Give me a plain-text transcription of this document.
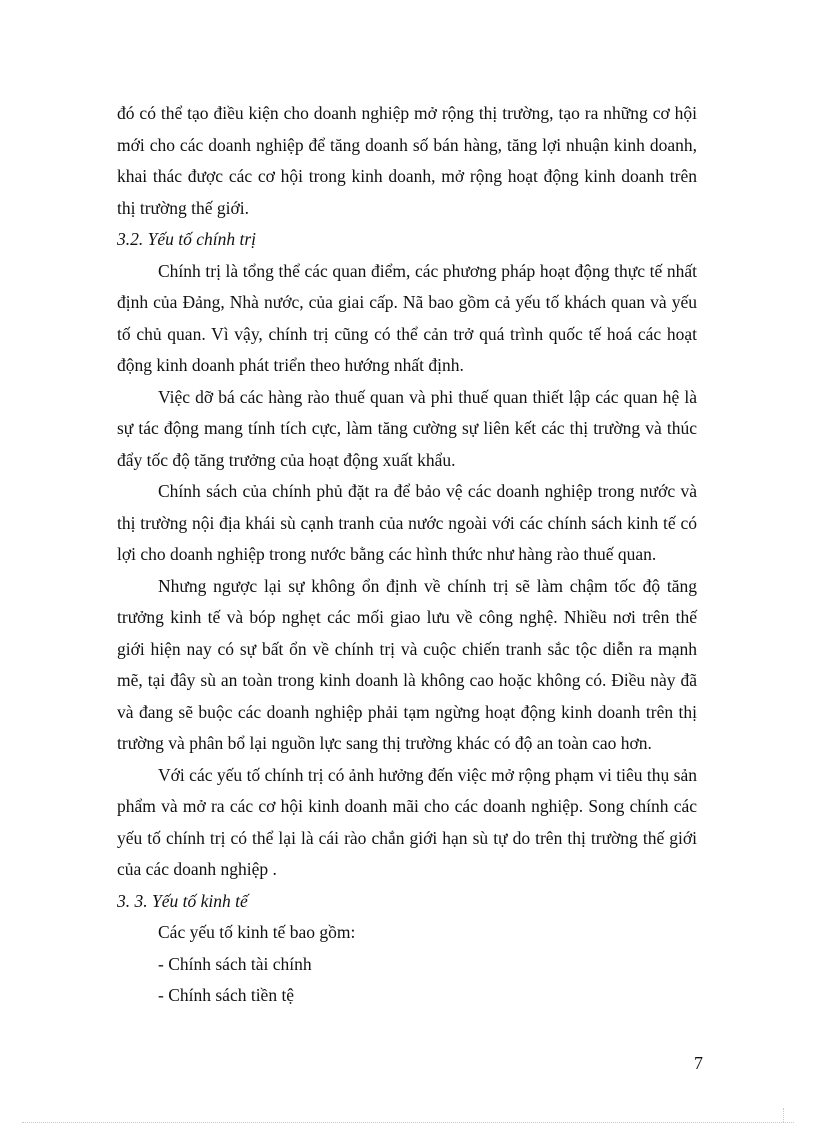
đó có thể tạo điều kiện cho doanh nghiệp mở rộng thị trường, tạo ra những cơ hội mới cho các doanh nghiệp để tăng doanh số bán hàng, tăng lợi nhuận kinh doanh, khai thác được các cơ hội trong kinh doanh, mở rộng hoạt động kinh doanh trên thị trường thế giới.

3.2. Yếu tố chính trị

Chính trị là tổng thể các quan điểm, các phương pháp hoạt động thực tế nhất định của Đảng, Nhà nước, của giai cấp. Nã bao gồm cả yếu tố khách quan và yếu tố chủ quan. Vì vậy, chính trị cũng có thể cản trở quá trình quốc tế hoá các hoạt động kinh doanh phát triển theo hướng nhất định.

Việc dỡ bá các hàng rào thuế quan và phi thuế quan thiết lập các quan hệ là sự tác động mang tính tích cực, làm tăng cường sự liên kết các thị trường và thúc đẩy tốc độ tăng trưởng của hoạt động xuất khẩu.

Chính sách của chính phủ đặt ra để bảo vệ các doanh nghiệp trong nước và thị trường nội địa khái sù cạnh tranh của nước ngoài với các chính sách kinh tế có lợi cho doanh nghiệp trong nước bằng các hình thức như hàng rào thuế quan.

Nhưng ngược lại sự không ổn định về chính trị sẽ làm chậm tốc độ tăng trưởng kinh tế và bóp nghẹt các mối giao lưu về công nghệ. Nhiều nơi trên thế giới hiện nay có sự bất ổn về chính trị và cuộc chiến tranh sắc tộc diễn ra mạnh mẽ, tại đây sù an toàn trong kinh doanh là không cao hoặc không có. Điều này đã và đang sẽ buộc các doanh nghiệp phải tạm ngừng hoạt động kinh doanh trên thị trường và phân bổ lại nguồn lực sang thị trường khác có độ an toàn cao hơn.

Với các yếu tố chính trị có ảnh hưởng đến việc mở rộng phạm vi tiêu thụ sản phẩm và mở ra các cơ hội kinh doanh mãi cho các doanh nghiệp. Song chính các yếu tố chính trị có thể lại là cái rào chắn giới hạn sù tự do trên thị trường thế giới của các doanh nghiệp .

3. 3. Yếu tố kinh tế

Các yếu tố kinh tế bao gồm:

- Chính sách tài chính
- Chính sách tiền tệ
7
